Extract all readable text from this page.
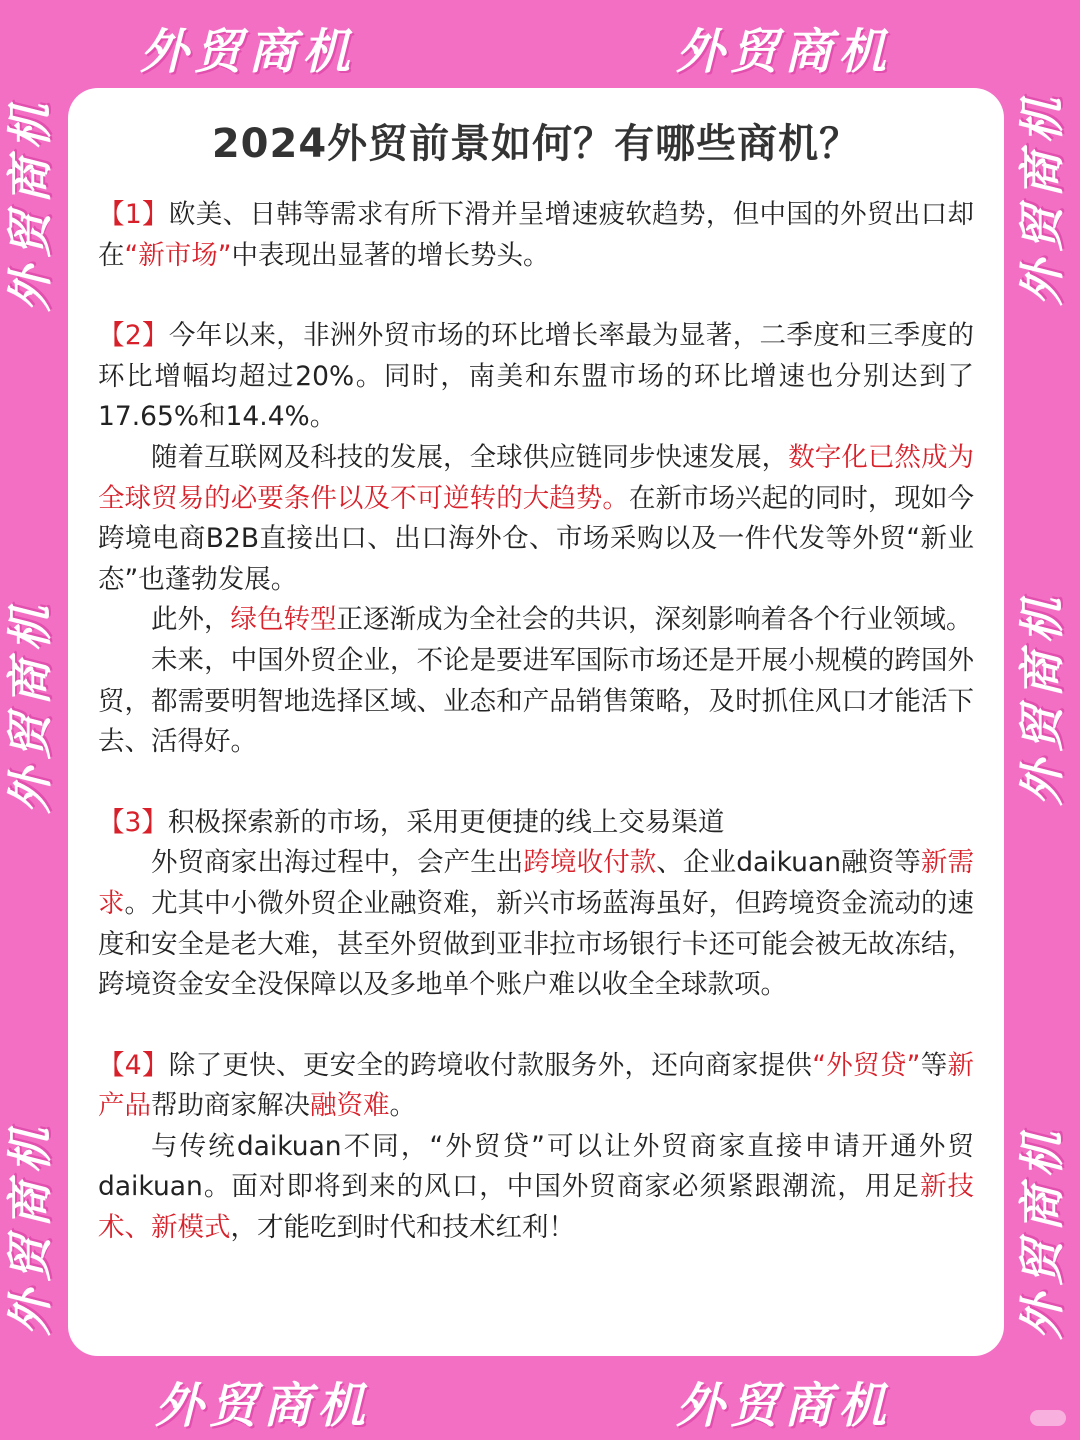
外贸商机	外贸商机
外贸商机	外贸商机
外贸商机
外贸商机
外贸商机
外贸商机
外贸商机
外贸商机
2024外贸前景如何？有哪些商机？

【1】欧美、日韩等需求有所下滑并呈增速疲软趋势，但中国的外贸出口却在“新市场”中表现出显著的增长势头。

【2】今年以来，非洲外贸市场的环比增长率最为显著，二季度和三季度的环比增幅均超过20%。同时，南美和东盟市场的环比增速也分别达到了17.65%和14.4%。

随着互联网及科技的发展，全球供应链同步快速发展，数字化已然成为全球贸易的必要条件以及不可逆转的大趋势。在新市场兴起的同时，现如今跨境电商B2B直接出口、出口海外仓、市场采购以及一件代发等外贸“新业态”也蓬勃发展。

此外，绿色转型正逐渐成为全社会的共识，深刻影响着各个行业领域。

未来，中国外贸企业，不论是要进军国际市场还是开展小规模的跨国外贸，都需要明智地选择区域、业态和产品销售策略，及时抓住风口才能活下去、活得好。

【3】积极探索新的市场，采用更便捷的线上交易渠道

外贸商家出海过程中，会产生出跨境收付款、企业daikuan融资等新需求。尤其中小微外贸企业融资难，新兴市场蓝海虽好，但跨境资金流动的速度和安全是老大难，甚至外贸做到亚非拉市场银行卡还可能会被无故冻结，跨境资金安全没保障以及多地单个账户难以收全全球款项。

【4】除了更快、更安全的跨境收付款服务外，还向商家提供“外贸贷”等新产品帮助商家解决融资难。

与传统daikuan不同，“外贸贷”可以让外贸商家直接申请开通外贸daikuan。面对即将到来的风口，中国外贸商家必须紧跟潮流，用足新技术、新模式，才能吃到时代和技术红利！
